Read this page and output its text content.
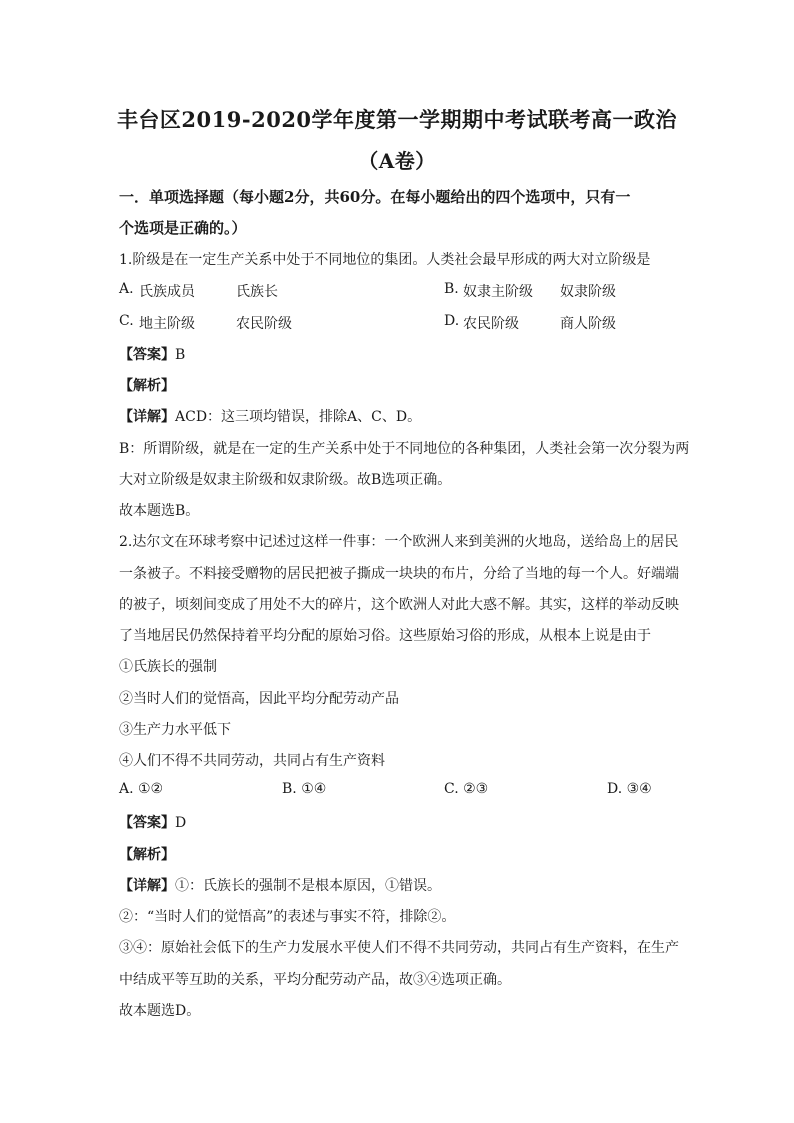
丰台区2019-2020学年度第一学期期中考试联考高一政治
（A卷）
一．单项选择题（每小题2分，共60分。在每小题给出的四个选项中，只有一
个选项是正确的。）
1.阶级是在一定生产关系中处于不同地位的集团。人类社会最早形成的两大对立阶级是
A. 氏族成员	氏族长	B. 奴隶主阶级 奴隶阶级
C. 地主阶级	农民阶级	D. 农民阶级	商人阶级
【答案】B
【解析】
【详解】ACD：这三项均错误，排除A、C、D。
B：所谓阶级，就是在一定的生产关系中处于不同地位的各种集团，人类社会第一次分裂为两
大对立阶级是奴隶主阶级和奴隶阶级。故B选项正确。
故本题选B。
2.达尔文在环球考察中记述过这样一件事：一个欧洲人来到美洲的火地岛，送给岛上的居民
一条被子。不料接受赠物的居民把被子撕成一块块的布片，分给了当地的每一个人。好端端
的被子，顷刻间变成了用处不大的碎片，这个欧洲人对此大惑不解。其实，这样的举动反映
了当地居民仍然保持着平均分配的原始习俗。这些原始习俗的形成，从根本上说是由于
①氏族长的强制
②当时人们的觉悟高，因此平均分配劳动产品
③生产力水平低下
④人们不得不共同劳动，共同占有生产资料
A. ①②	B. ①④	C. ②③	D. ③④
【答案】D
【解析】
【详解】①：氏族长的强制不是根本原因，①错误。
②：“当时人们的觉悟高”的表述与事实不符，排除②。
③④：原始社会低下的生产力发展水平使人们不得不共同劳动，共同占有生产资料，在生产
中结成平等互助的关系，平均分配劳动产品，故③④选项正确。
故本题选D。
